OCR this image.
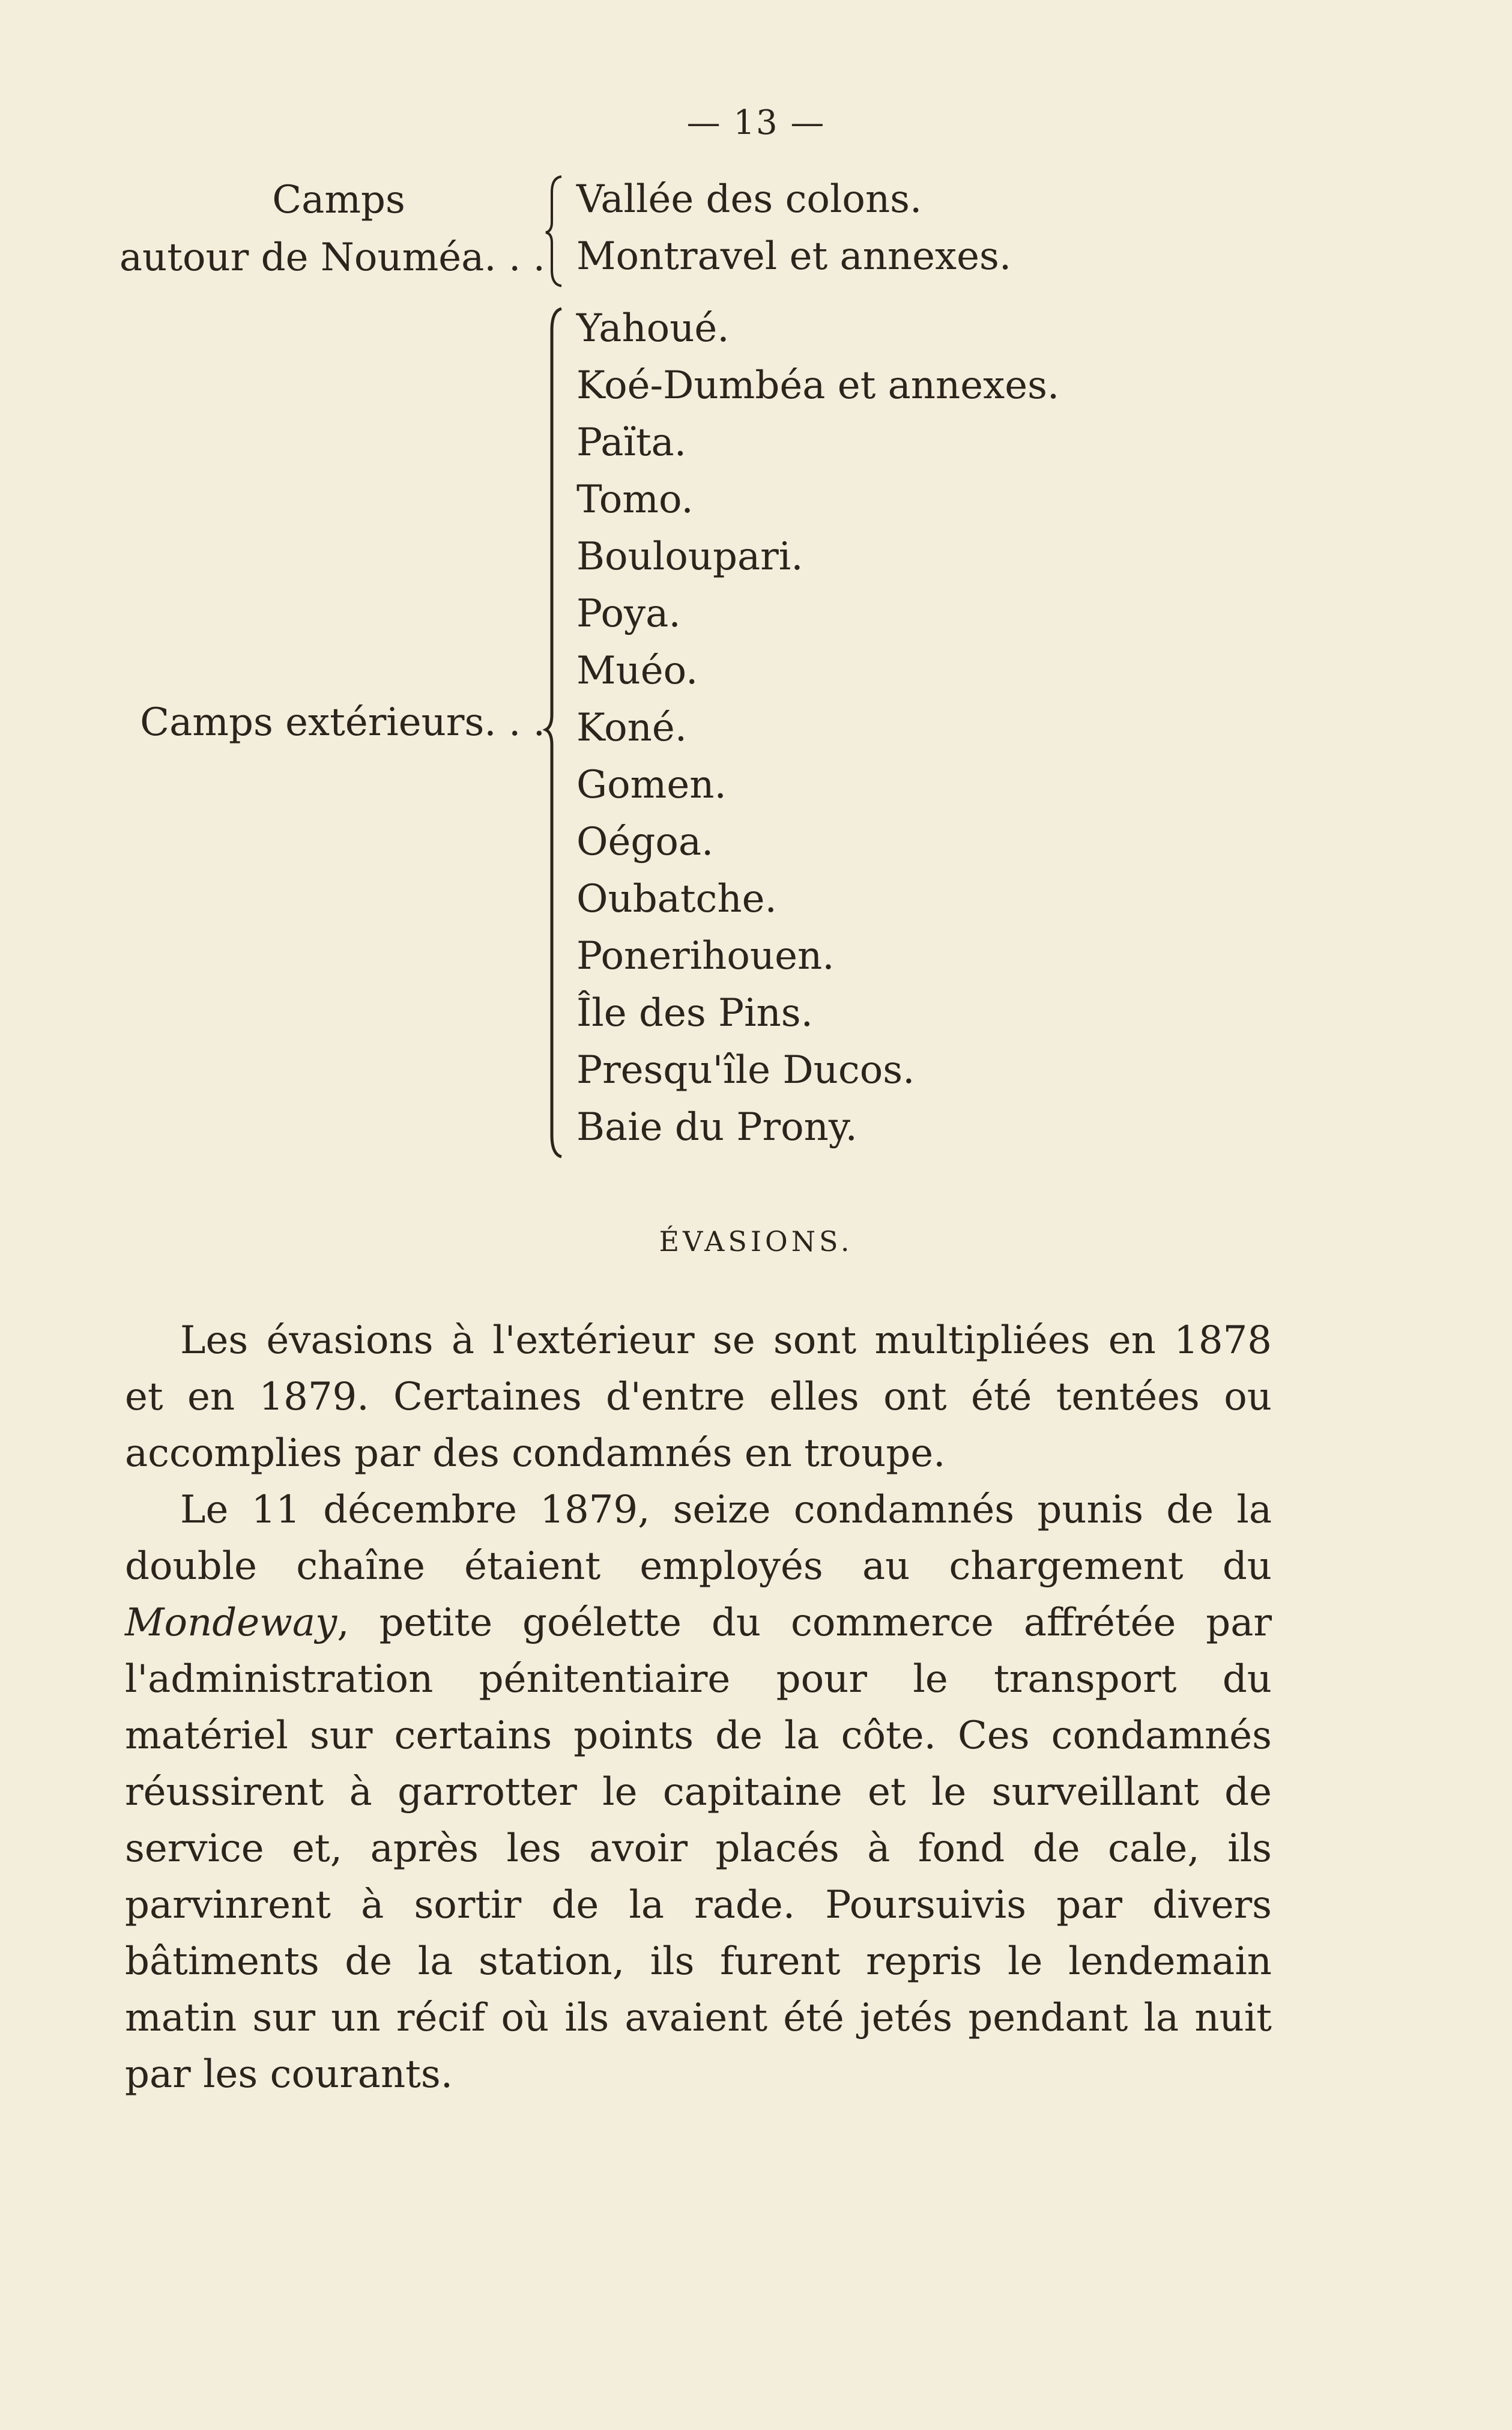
— 13 —
Camps
autour de Nouméa. . .
Vallée des colons.
Montravel et annexes.
Camps extérieurs. . .
Yahoué.
Koé-Dumbéa et annexes.
Païta.
Tomo.
Bouloupari.
Poya.
Muéo.
Koné.
Gomen.
Oégoa.
Oubatche.
Ponerihouen.
Île des Pins.
Presqu'île Ducos.
Baie du Prony.
ÉVASIONS.

Les évasions à l'extérieur se sont multipliées en 1878 et en 1879. Certaines d'entre elles ont été tentées ou accomplies par des condamnés en troupe.

Le 11 décembre 1879, seize condamnés punis de la double chaîne étaient employés au chargement du Mondeway, petite goélette du commerce affrétée par l'administration pénitentiaire pour le transport du matériel sur certains points de la côte. Ces condamnés réussirent à garrotter le capitaine et le surveillant de service et, après les avoir placés à fond de cale, ils parvinrent à sortir de la rade. Poursuivis par divers bâtiments de la station, ils furent repris le lendemain matin sur un récif où ils avaient été jetés pendant la nuit par les courants.
